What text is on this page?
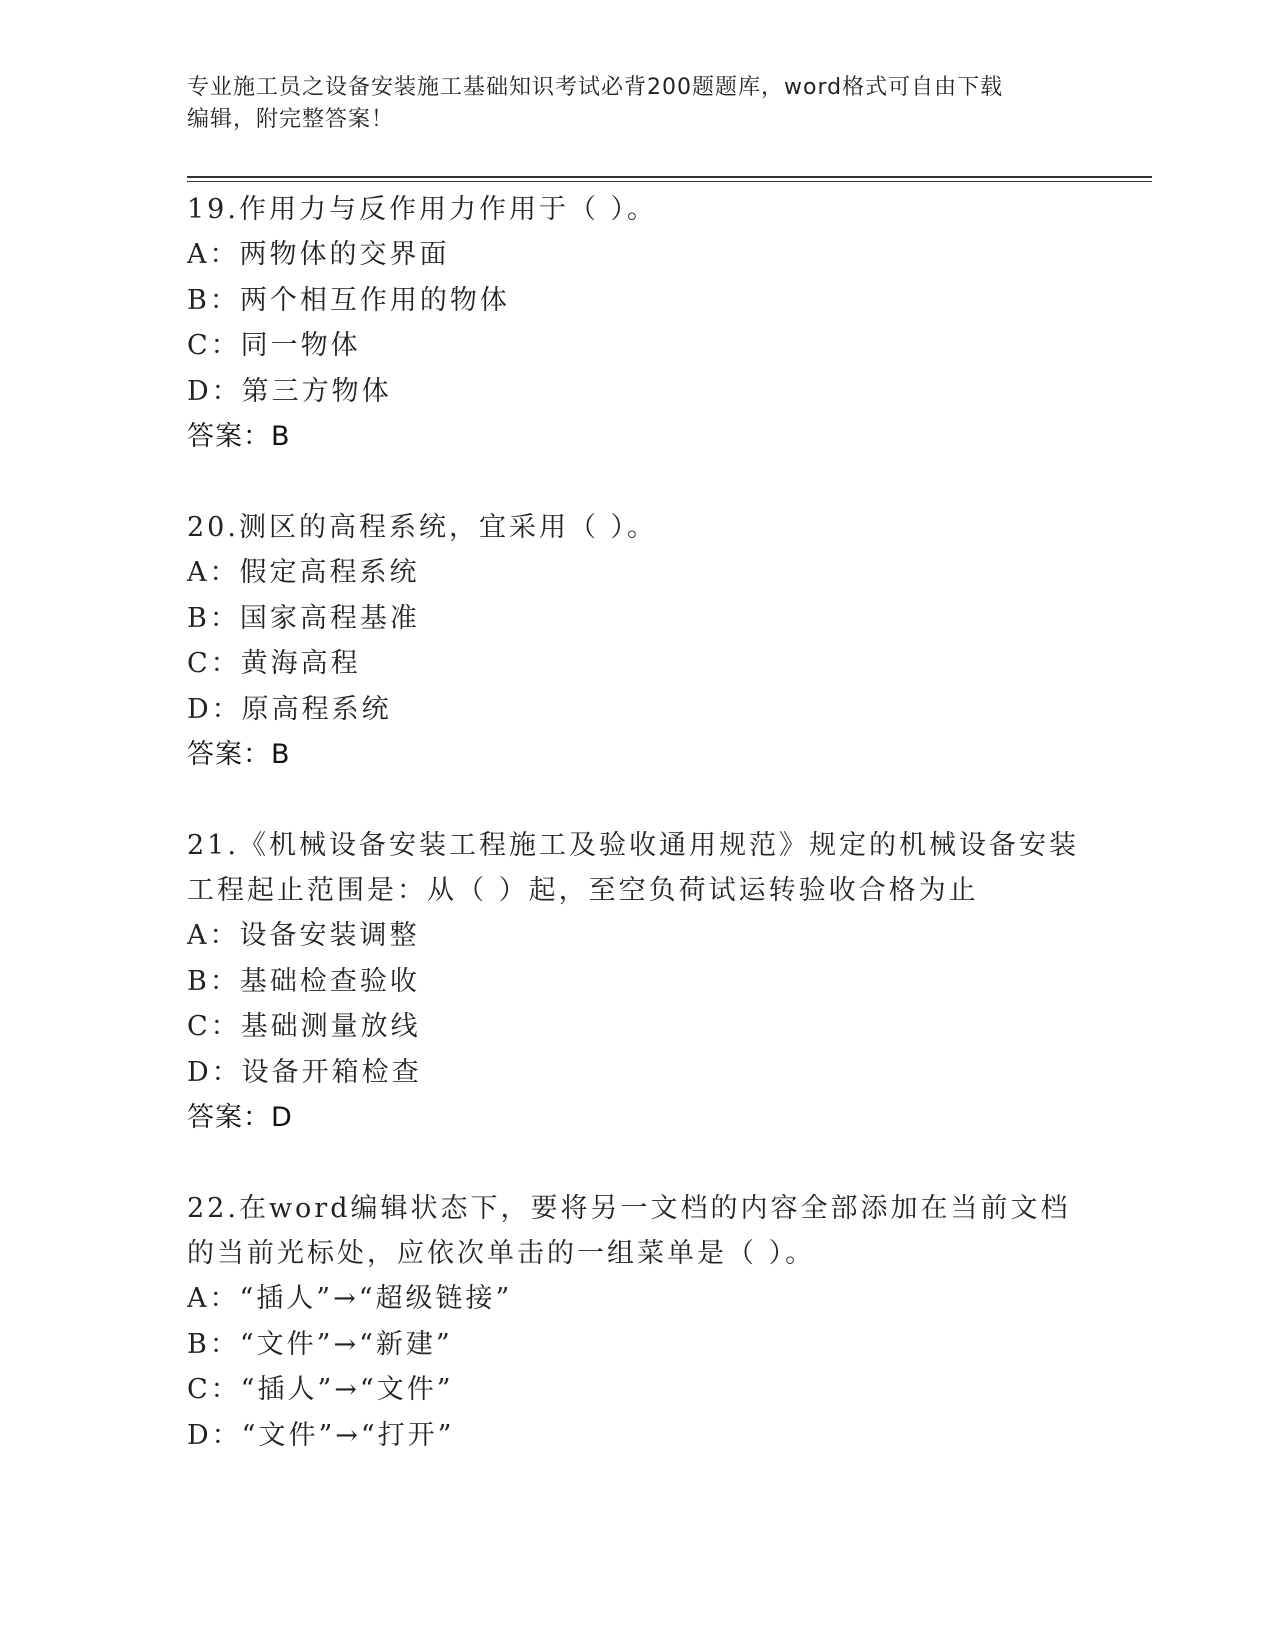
专业施工员之设备安装施工基础知识考试必背200题题库，word格式可自由下载
编辑，附完整答案！
19.作用力与反作用力作用于（ ）。
A：两物体的交界面
B：两个相互作用的物体
C：同一物体
D：第三方物体
答案：B
20.测区的高程系统，宜采用（ ）。
A：假定高程系统
B：国家高程基准
C：黄海高程
D：原高程系统
答案：B
21.《机械设备安装工程施工及验收通用规范》规定的机械设备安装工程起止范围是：从（ ）起，至空负荷试运转验收合格为止
A：设备安装调整
B：基础检查验收
C：基础测量放线
D：设备开箱检查
答案：D
22.在word编辑状态下，要将另一文档的内容全部添加在当前文档的当前光标处，应依次单击的一组菜单是（ ）。
A：“插人”→“超级链接”
B：“文件”→“新建”
C：“插人”→“文件”
D：“文件”→“打开”
